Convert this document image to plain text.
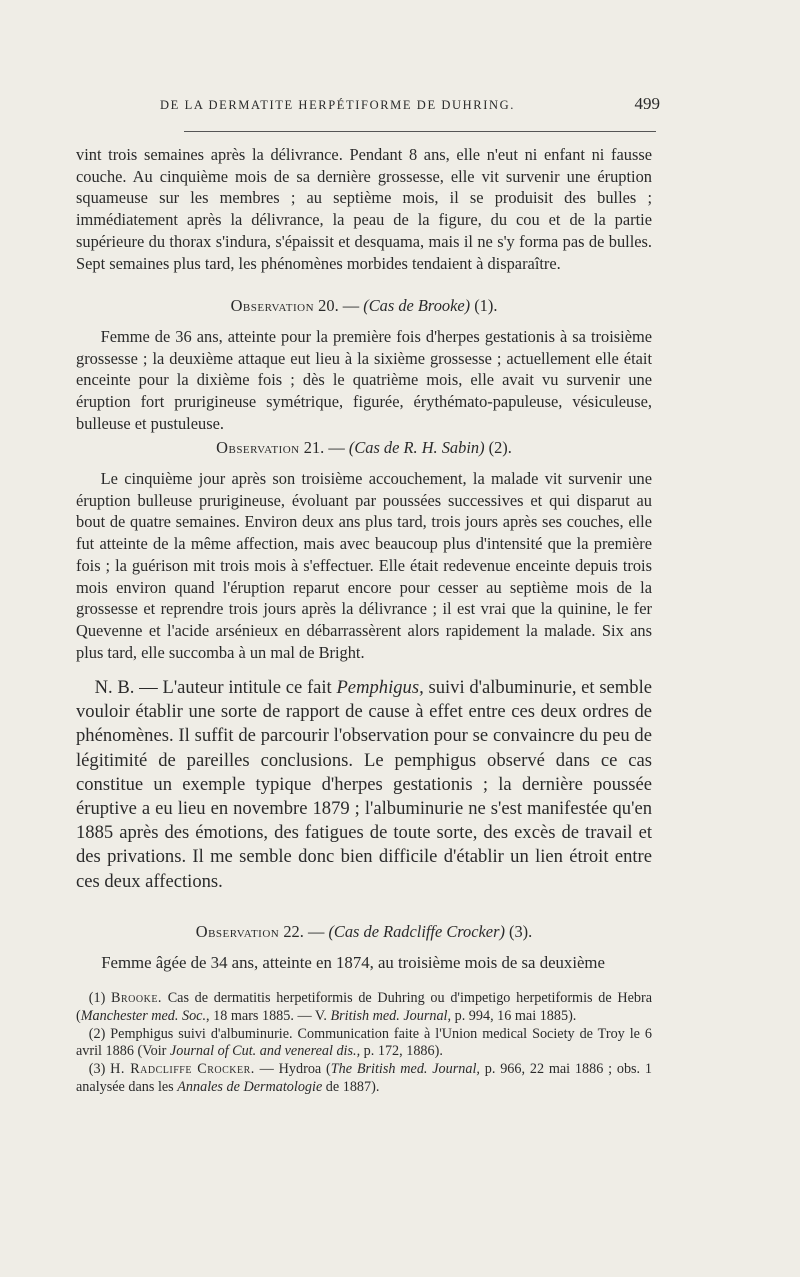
DE LA DERMATITE HERPÉTIFORME DE DUHRING.	499

vint trois semaines après la délivrance. Pendant 8 ans, elle n'eut ni enfant ni fausse couche. Au cinquième mois de sa dernière grossesse, elle vit survenir une éruption squameuse sur les membres ; au septième mois, il se produisit des bulles ; immédiatement après la délivrance, la peau de la figure, du cou et de la partie supérieure du thorax s'indura, s'épaissit et desquama, mais il ne s'y forma pas de bulles. Sept semaines plus tard, les phénomènes morbides tendaient à disparaître.

Observation 20. — (Cas de Brooke) (1).

Femme de 36 ans, atteinte pour la première fois d'herpes gestationis à sa troisième grossesse ; la deuxième attaque eut lieu à la sixième grossesse ; actuellement elle était enceinte pour la dixième fois ; dès le quatrième mois, elle avait vu survenir une éruption fort prurigineuse symétrique, figurée, érythémato-papuleuse, vésiculeuse, bulleuse et pustuleuse.

Observation 21. — (Cas de R. H. Sabin) (2).

Le cinquième jour après son troisième accouchement, la malade vit survenir une éruption bulleuse prurigineuse, évoluant par poussées successives et qui disparut au bout de quatre semaines. Environ deux ans plus tard, trois jours après ses couches, elle fut atteinte de la même affection, mais avec beaucoup plus d'intensité que la première fois ; la guérison mit trois mois à s'effectuer. Elle était redevenue enceinte depuis trois mois environ quand l'éruption reparut encore pour cesser au septième mois de la grossesse et reprendre trois jours après la délivrance ; il est vrai que la quinine, le fer Quevenne et l'acide arsénieux en débarrassèrent alors rapidement la malade. Six ans plus tard, elle succomba à un mal de Bright.

N. B. — L'auteur intitule ce fait Pemphigus, suivi d'albuminurie, et semble vouloir établir une sorte de rapport de cause à effet entre ces deux ordres de phénomènes. Il suffit de parcourir l'observation pour se convaincre du peu de légitimité de pareilles conclusions. Le pemphigus observé dans ce cas constitue un exemple typique d'herpes gestationis ; la dernière poussée éruptive a eu lieu en novembre 1879 ; l'albuminurie ne s'est manifestée qu'en 1885 après des émotions, des fatigues de toute sorte, des excès de travail et des privations. Il me semble donc bien difficile d'établir un lien étroit entre ces deux affections.

Observation 22. — (Cas de Radcliffe Crocker) (3).

Femme âgée de 34 ans, atteinte en 1874, au troisième mois de sa deuxième

(1) Brooke. Cas de dermatitis herpetiformis de Duhring ou d'impetigo herpetiformis de Hebra (Manchester med. Soc., 18 mars 1885. — V. British med. Journal, p. 994, 16 mai 1885).

(2) Pemphigus suivi d'albuminurie. Communication faite à l'Union medical Society de Troy le 6 avril 1886 (Voir Journal of Cut. and venereal dis., p. 172, 1886).

(3) H. Radcliffe Crocker. — Hydroa (The British med. Journal, p. 966, 22 mai 1886 ; obs. 1 analysée dans les Annales de Dermatologie de 1887).
